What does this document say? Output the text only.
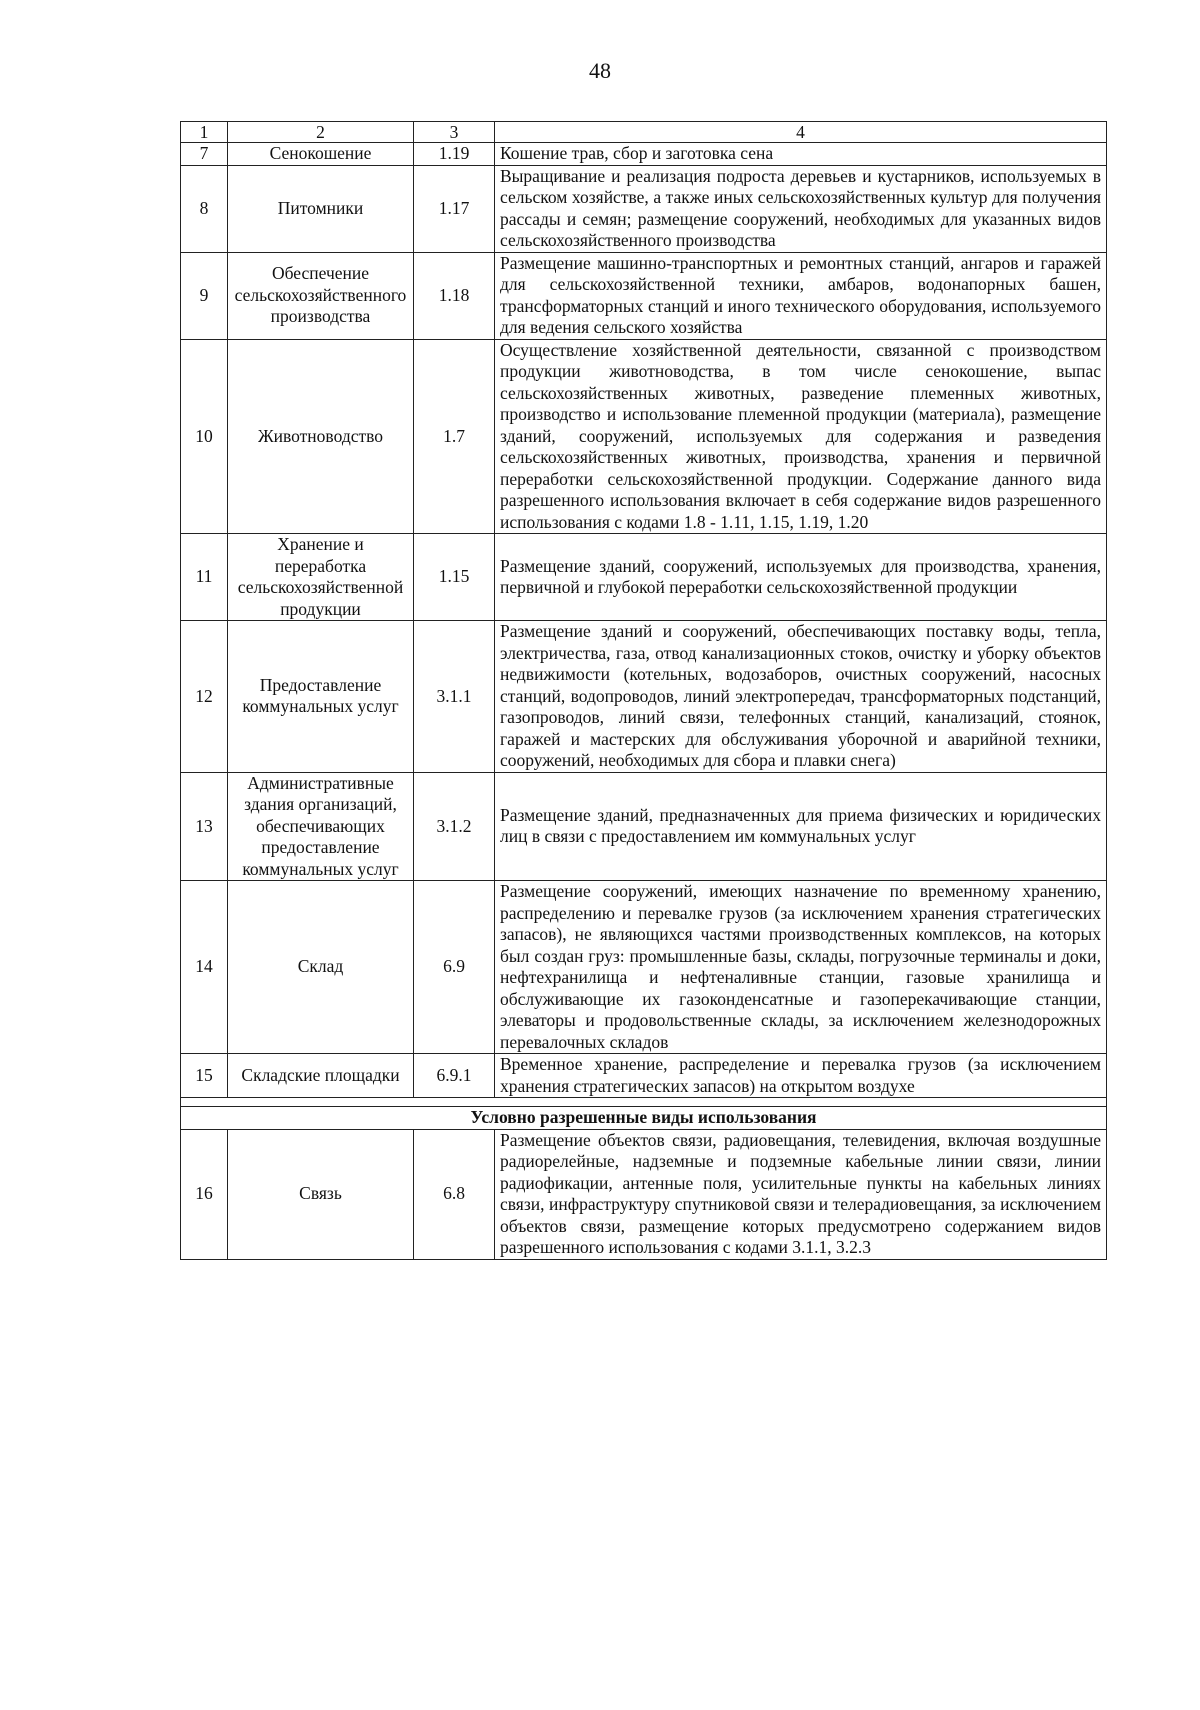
48
1	2	3	4
7	Сенокошение	1.19	Кошение трав, сбор и заготовка сена
8	Питомники	1.17	Выращивание и реализация подроста деревьев и кустарников, используемых в сельском хозяйстве, а также иных сельскохозяйственных культур для получения рассады и семян; размещение сооружений, необходимых для указанных видов сельскохозяйственного производства
9	Обеспечение сельскохозяйственного производства	1.18	Размещение машинно-транспортных и ремонтных станций, ангаров и гаражей для сельскохозяйственной техники, амбаров, водонапорных башен, трансформаторных станций и иного технического оборудования, используемого для ведения сельского хозяйства
10	Животноводство	1.7	Осуществление хозяйственной деятельности, связанной с производством продукции животноводства, в том числе сенокошение, выпас сельскохозяйственных животных, разведение племенных животных, производство и использование племенной продукции (материала), размещение зданий, сооружений, используемых для содержания и разведения сельскохозяйственных животных, производства, хранения и первичной переработки сельскохозяйственной продукции. Содержание данного вида разрешенного использования включает в себя содержание видов разрешенного использования с кодами 1.8 - 1.11, 1.15, 1.19, 1.20
11	Хранение и переработка сельскохозяйственной продукции	1.15	Размещение зданий, сооружений, используемых для производства, хранения, первичной и глубокой переработки сельскохозяйственной продукции
12	Предоставление коммунальных услуг	3.1.1	Размещение зданий и сооружений, обеспечивающих поставку воды, тепла, электричества, газа, отвод канализационных стоков, очистку и уборку объектов недвижимости (котельных, водозаборов, очистных сооружений, насосных станций, водопроводов, линий электропередач, трансформаторных подстанций, газопроводов, линий связи, телефонных станций, канализаций, стоянок, гаражей и мастерских для обслуживания уборочной и аварийной техники, сооружений, необходимых для сбора и плавки снега)
13	Административные здания организаций, обеспечивающих предоставление коммунальных услуг	3.1.2	Размещение зданий, предназначенных для приема физических и юридических лиц в связи с предоставлением им коммунальных услуг
14	Склад	6.9	Размещение сооружений, имеющих назначение по временному хранению, распределению и перевалке грузов (за исключением хранения стратегических запасов), не являющихся частями производственных комплексов, на которых был создан груз: промышленные базы, склады, погрузочные терминалы и доки, нефтехранилища и нефтеналивные станции, газовые хранилища и обслуживающие их газоконденсатные и газоперекачивающие станции, элеваторы и продовольственные склады, за исключением железнодорожных перевалочных складов
15	Складские площадки	6.9.1	Временное хранение, распределение и перевалка грузов (за исключением хранения стратегических запасов) на открытом воздухе

Условно разрешенные виды использования			
16	Связь	6.8	Размещение объектов связи, радиовещания, телевидения, включая воздушные радиорелейные, надземные и подземные кабельные линии связи, линии радиофикации, антенные поля, усилительные пункты на кабельных линиях связи, инфраструктуру спутниковой связи и телерадиовещания, за исключением объектов связи, размещение которых предусмотрено содержанием видов разрешенного использования с кодами 3.1.1, 3.2.3
